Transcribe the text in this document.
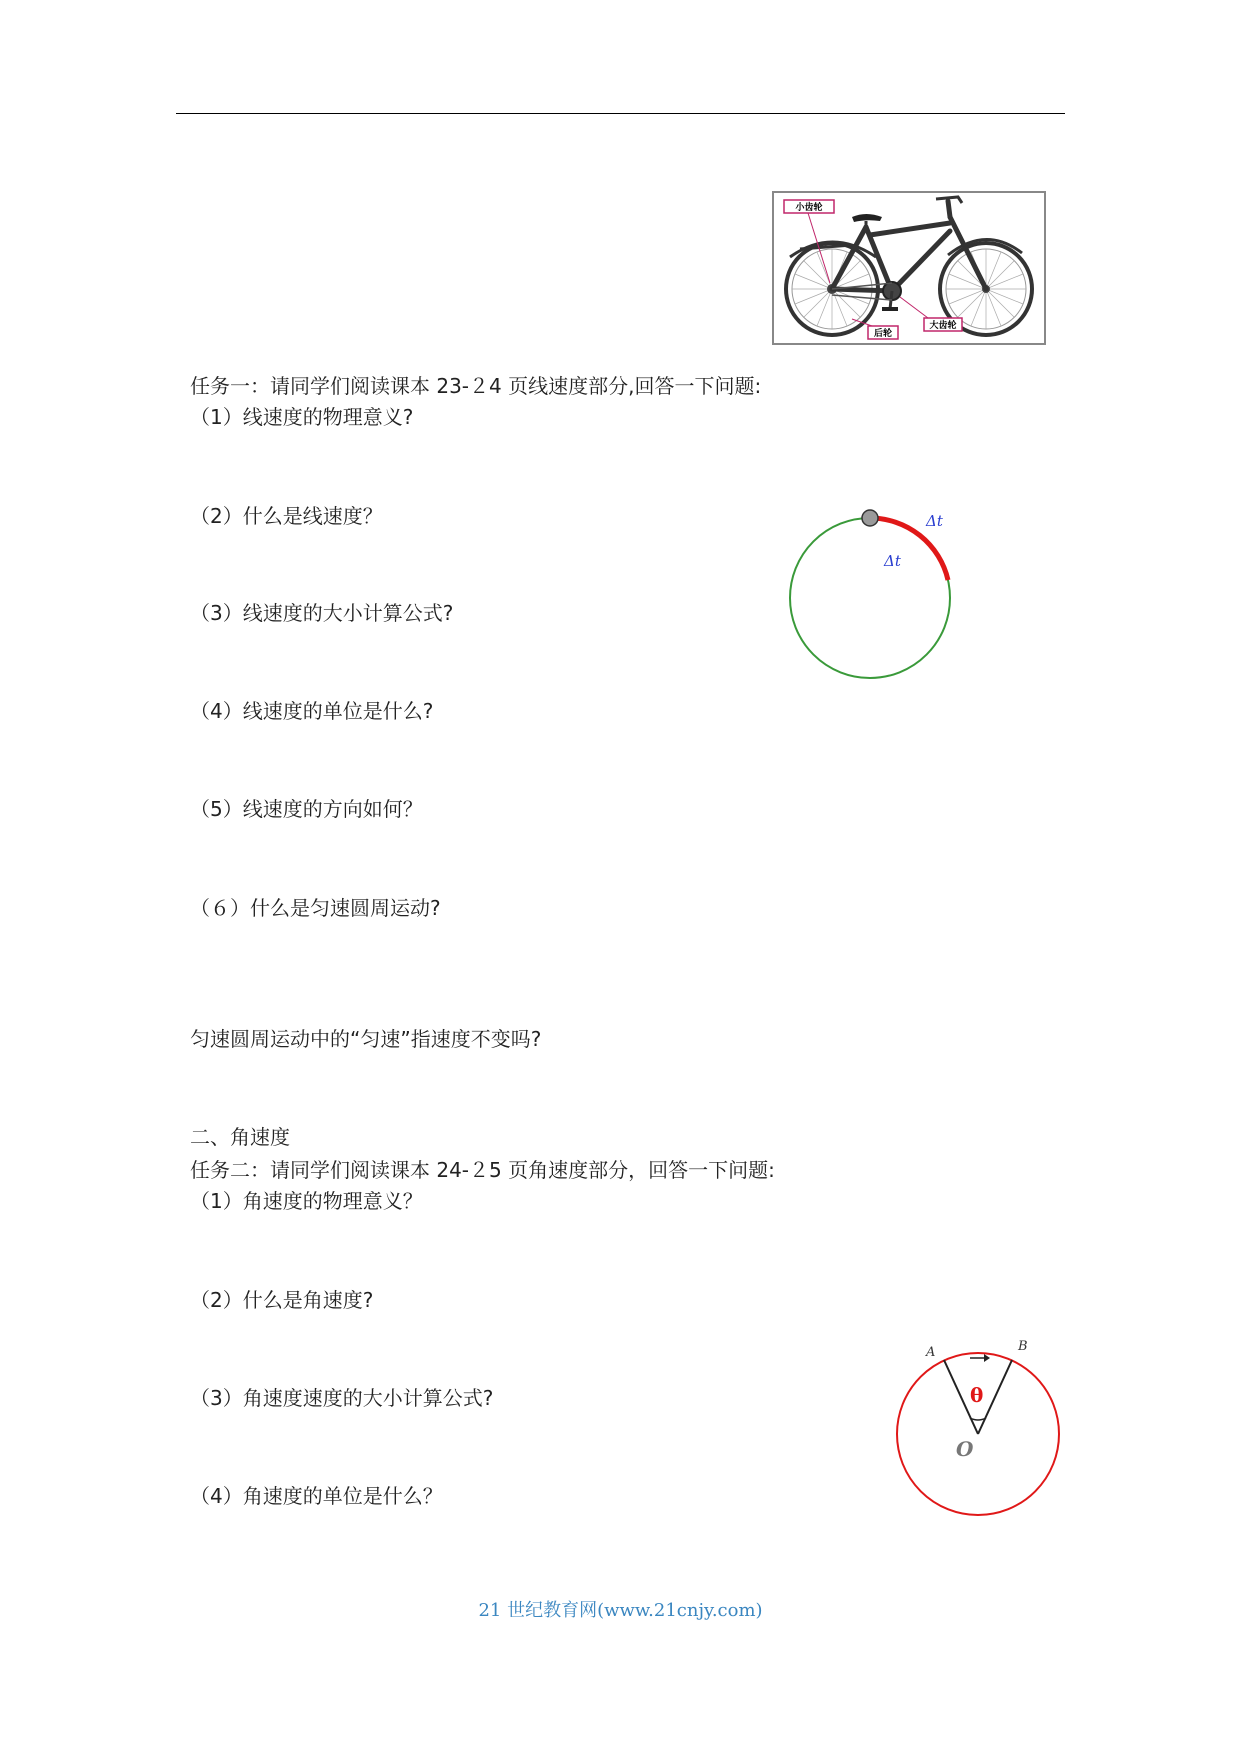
小齿轮
后轮
大齿轮
Δt
Δt
A	B
θ
O
任务一：请同学们阅读课本 23-２4 页线速度部分,回答一下问题:
（1）线速度的物理意义?
（2）什么是线速度？
（3）线速度的大小计算公式?
（4）线速度的单位是什么?
（5）线速度的方向如何？
（６）什么是匀速圆周运动?
匀速圆周运动中的“匀速”指速度不变吗?
二、角速度
任务二：请同学们阅读课本 24-２5 页角速度部分，回答一下问题:
（1）角速度的物理意义？
（2）什么是角速度?
（3）角速度速度的大小计算公式?
（4）角速度的单位是什么？
21 世纪教育网(www.21cnjy.com)
